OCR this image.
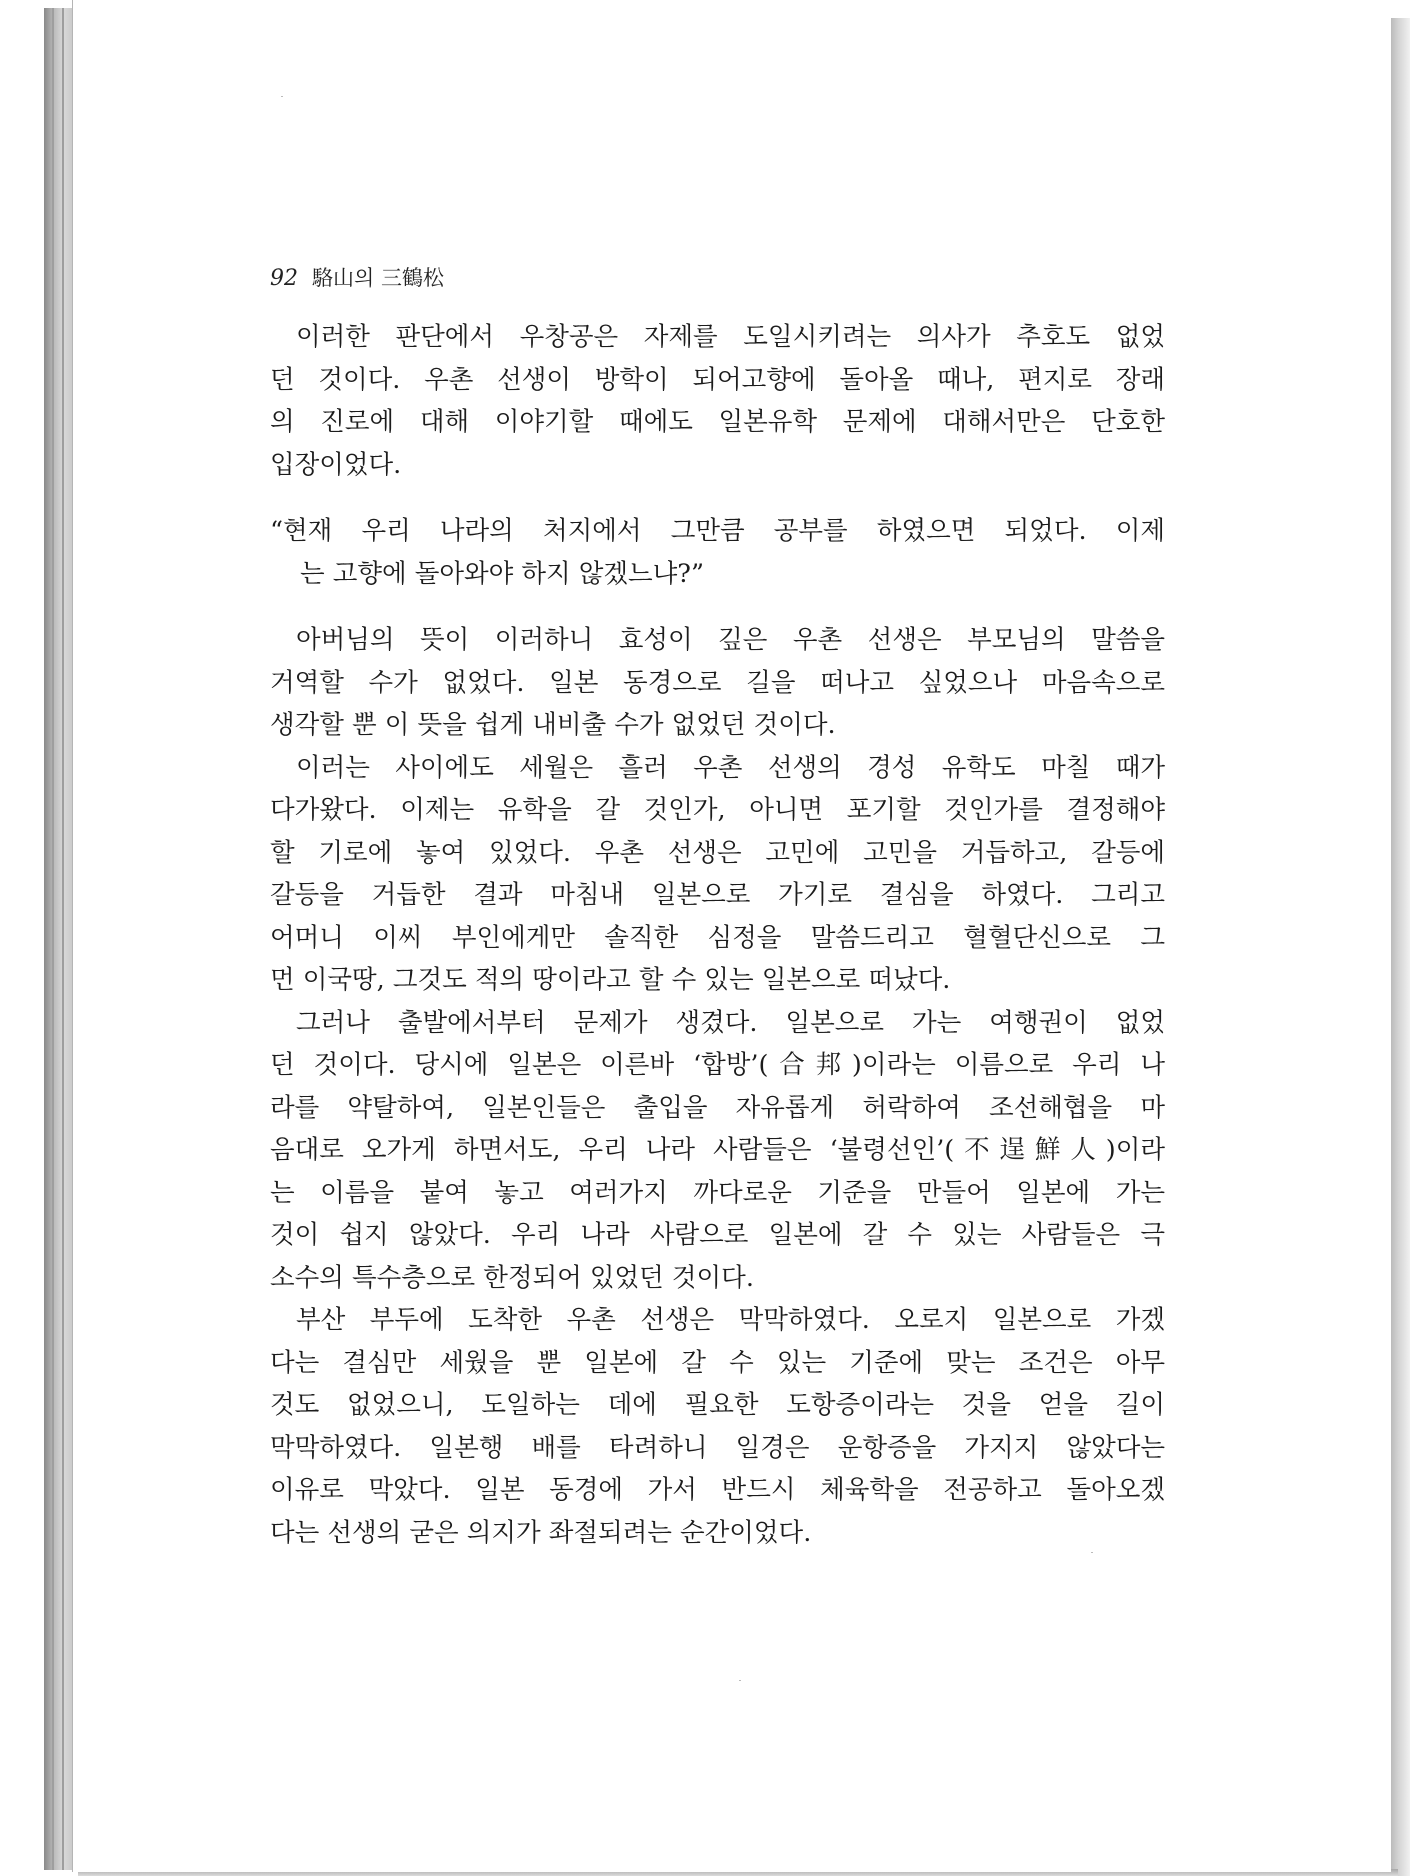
92 駱山의 三鶴松
이러한 판단에서 우창공은 자제를 도일시키려는 의사가 추호도 없었
던 것이다. 우촌 선생이 방학이 되어고향에 돌아올 때나, 편지로 장래
의 진로에 대해 이야기할 때에도 일본유학 문제에 대해서만은 단호한
입장이었다.
“현재 우리 나라의 처지에서 그만큼 공부를 하였으면 되었다. 이제
는 고향에 돌아와야 하지 않겠느냐?”
아버님의 뜻이 이러하니 효성이 깊은 우촌 선생은 부모님의 말씀을
거역할 수가 없었다. 일본 동경으로 길을 떠나고 싶었으나 마음속으로
생각할 뿐 이 뜻을 쉽게 내비출 수가 없었던 것이다.
이러는 사이에도 세월은 흘러 우촌 선생의 경성 유학도 마칠 때가
다가왔다. 이제는 유학을 갈 것인가, 아니면 포기할 것인가를 결정해야
할 기로에 놓여 있었다. 우촌 선생은 고민에 고민을 거듭하고, 갈등에
갈등을 거듭한 결과 마침내 일본으로 가기로 결심을 하였다. 그리고
어머니 이씨 부인에게만 솔직한 심정을 말씀드리고 혈혈단신으로 그
먼 이국땅, 그것도 적의 땅이라고 할 수 있는 일본으로 떠났다.
그러나 출발에서부터 문제가 생겼다. 일본으로 가는 여행권이 없었
던 것이다. 당시에 일본은 이른바 ‘합방’(合邦)이라는 이름으로 우리 나
라를 약탈하여, 일본인들은 출입을 자유롭게 허락하여 조선해협을 마
음대로 오가게 하면서도, 우리 나라 사람들은 ‘불령선인’(不逞鮮人)이라
는 이름을 붙여 놓고 여러가지 까다로운 기준을 만들어 일본에 가는
것이 쉽지 않았다. 우리 나라 사람으로 일본에 갈 수 있는 사람들은 극
소수의 특수층으로 한정되어 있었던 것이다.
부산 부두에 도착한 우촌 선생은 막막하였다. 오로지 일본으로 가겠
다는 결심만 세웠을 뿐 일본에 갈 수 있는 기준에 맞는 조건은 아무
것도 없었으니, 도일하는 데에 필요한 도항증이라는 것을 얻을 길이
막막하였다. 일본행 배를 타려하니 일경은 운항증을 가지지 않았다는
이유로 막았다. 일본 동경에 가서 반드시 체육학을 전공하고 돌아오겠
다는 선생의 굳은 의지가 좌절되려는 순간이었다.
